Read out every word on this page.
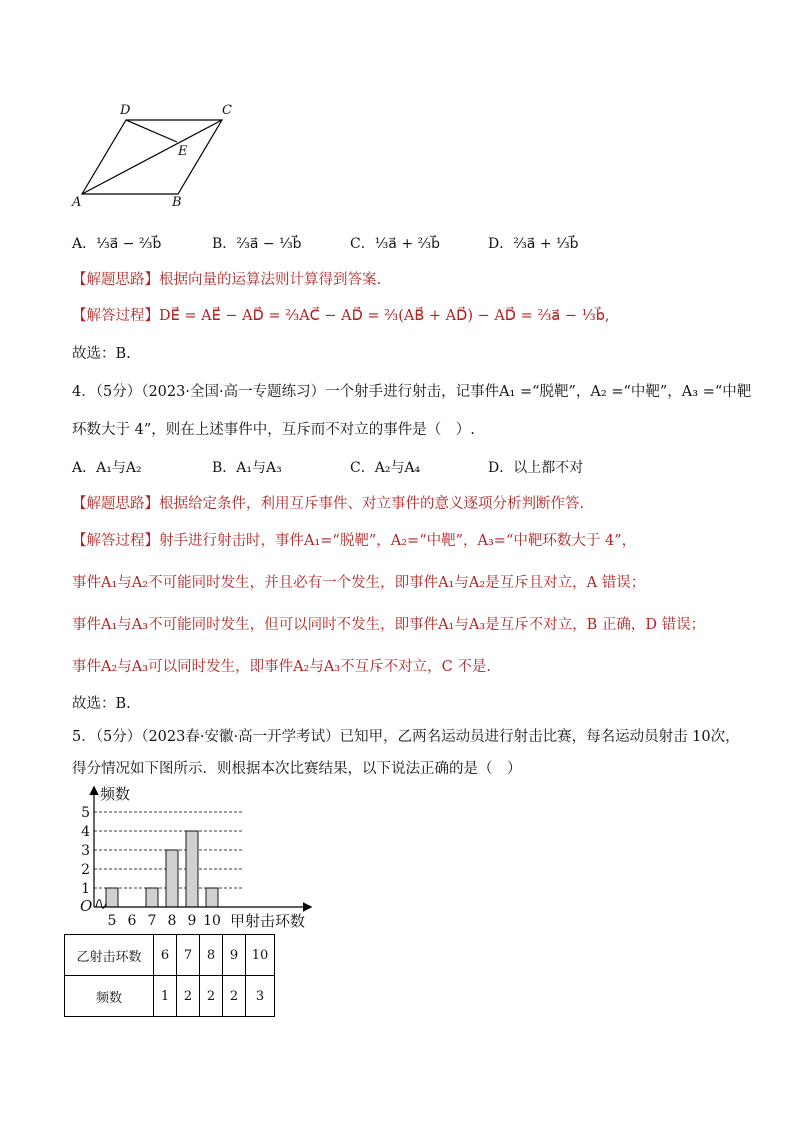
D	C
E
A	B
A．⅓a⃗ − ⅔b⃗	B．⅔a⃗ − ⅓b⃗	C．⅓a⃗ + ⅔b⃗	D．⅔a⃗ + ⅓b⃗
【解题思路】根据向量的运算法则计算得到答案.
【解答过程】DE⃗ = AE⃗ − AD⃗ = ⅔AC⃗ − AD⃗ = ⅔(AB⃗ + AD⃗) − AD⃗ = ⅔a⃗ − ⅓b⃗,
故选：B.
4．（5分）（2023·全国·高一专题练习）一个射手进行射击，记事件A₁ =“脱靶”，A₂ =“中靶”，A₃ =“中靶
环数大于 4”，则在上述事件中，互斥而不对立的事件是（　）.
A．A₁与A₂	B．A₁与A₃	C．A₂与A₄	D．以上都不对
【解题思路】根据给定条件，利用互斥事件、对立事件的意义逐项分析判断作答.
【解答过程】射手进行射击时，事件A₁=“脱靶”，A₂=“中靶”，A₃=“中靶环数大于 4”，
事件A₁与A₂不可能同时发生，并且必有一个发生，即事件A₁与A₂是互斥且对立，A 错误；
事件A₁与A₃不可能同时发生，但可以同时不发生，即事件A₁与A₃是互斥不对立，B 正确，D 错误；
事件A₂与A₃可以同时发生，即事件A₂与A₃不互斥不对立，C 不是.
故选：B.
5．（5分）（2023春·安徽·高一开学考试）已知甲，乙两名运动员进行射击比赛，每名运动员射击 10次，
得分情况如下图所示．则根据本次比赛结果，以下说法正确的是（　）
1
2
3
4
5
5 6 7 8 9 10
频数
甲射击环数
O
乙射击环数	6	7	8	9	10
频数	1	2	2	2	3
